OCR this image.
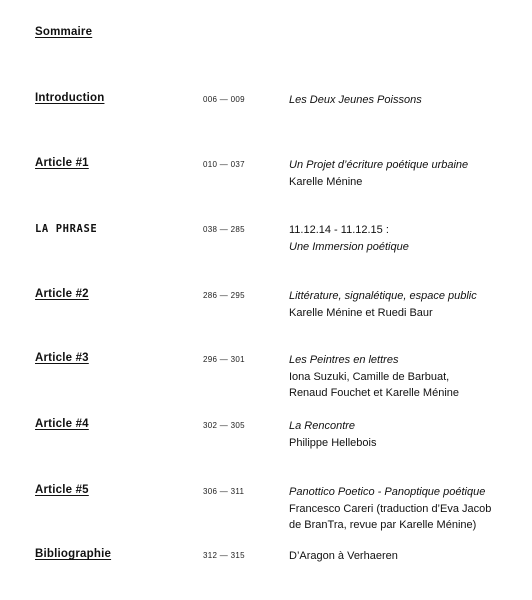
Sommaire
Introduction	006 — 009	Les Deux Jeunes Poissons
Article #1	010 — 037	Un Projet d’écriture poétique urbaine
Karelle Ménine
LA PHRASE	038 — 285	11.12.14 - 11.12.15 :
Une Immersion poétique
Article #2	286 — 295	Littérature, signalétique, espace public
Karelle Ménine et Ruedi Baur
Article #3	296 — 301	Les Peintres en lettres
Iona Suzuki, Camille de Barbuat, Renaud Fouchet et Karelle Ménine
Article #4	302 — 305	La Rencontre
Philippe Hellebois
Article #5	306 — 311	Panottico Poetico - Panoptique poétique
Francesco Careri (traduction d’Eva Jacob de BranTra, revue par Karelle Ménine)
Bibliographie	312 — 315	D’Aragon à Verhaeren
